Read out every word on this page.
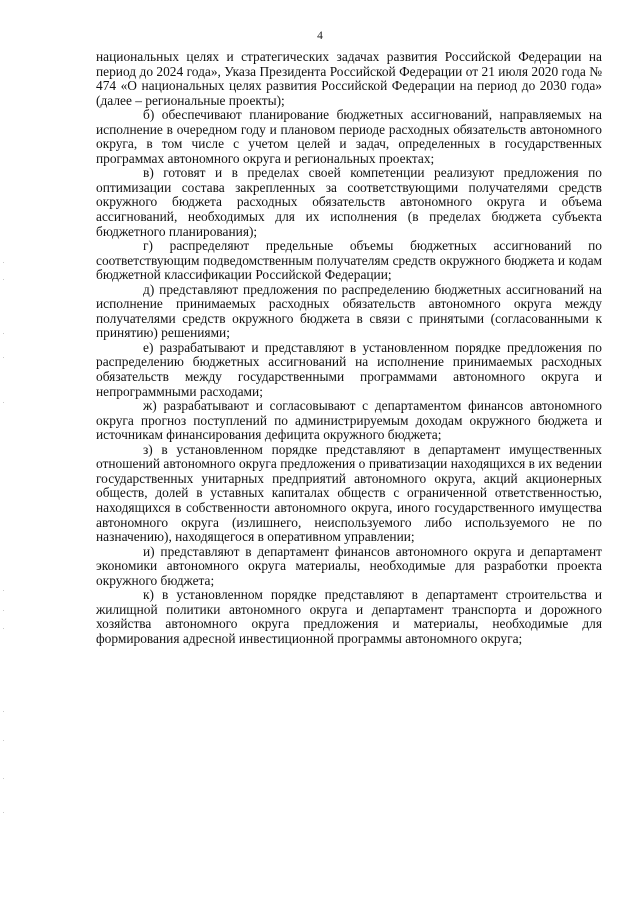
4

национальных целях и стратегических задачах развития Российской Федерации на период до 2024 года», Указа Президента Российской Федерации от 21 июля 2020 года № 474 «О национальных целях развития Российской Федерации на период до 2030 года» (далее – региональные проекты);

б) обеспечивают планирование бюджетных ассигнований, направляемых на исполнение в очередном году и плановом периоде расходных обязательств автономного округа, в том числе с учетом целей и задач, определенных в государственных программах автономного округа и региональных проектах;

в) готовят и в пределах своей компетенции реализуют предложения по оптимизации состава закрепленных за соответствующими получателями средств окружного бюджета расходных обязательств автономного округа и объема ассигнований, необходимых для их исполнения (в пределах бюджета субъекта бюджетного планирования);

г) распределяют предельные объемы бюджетных ассигнований по соответствующим подведомственным получателям средств окружного бюджета и кодам бюджетной классификации Российской Федерации;

д) представляют предложения по распределению бюджетных ассигнований на исполнение принимаемых расходных обязательств автономного округа между получателями средств окружного бюджета в связи с принятыми (согласованными к принятию) решениями;

е) разрабатывают и представляют в установленном порядке предложения по распределению бюджетных ассигнований на исполнение принимаемых расходных обязательств между государственными программами автономного округа и непрограммными расходами;

ж) разрабатывают и согласовывают с департаментом финансов автономного округа прогноз поступлений по администрируемым доходам окружного бюджета и источникам финансирования дефицита окружного бюджета;

з) в установленном порядке представляют в департамент имущественных отношений автономного округа предложения о приватизации находящихся в их ведении государственных унитарных предприятий автономного округа, акций акционерных обществ, долей в уставных капиталах обществ с ограниченной ответственностью, находящихся в собственности автономного округа, иного государственного имущества автономного округа (излишнего, неиспользуемого либо используемого не по назначению), находящегося в оперативном управлении;

и) представляют в департамент финансов автономного округа и департамент экономики автономного округа материалы, необходимые для разработки проекта окружного бюджета;

к) в установленном порядке представляют в департамент строительства и жилищной политики автономного округа и департамент транспорта и дорожного хозяйства автономного округа предложения и материалы, необходимые для формирования адресной инвестиционной программы автономного округа;
